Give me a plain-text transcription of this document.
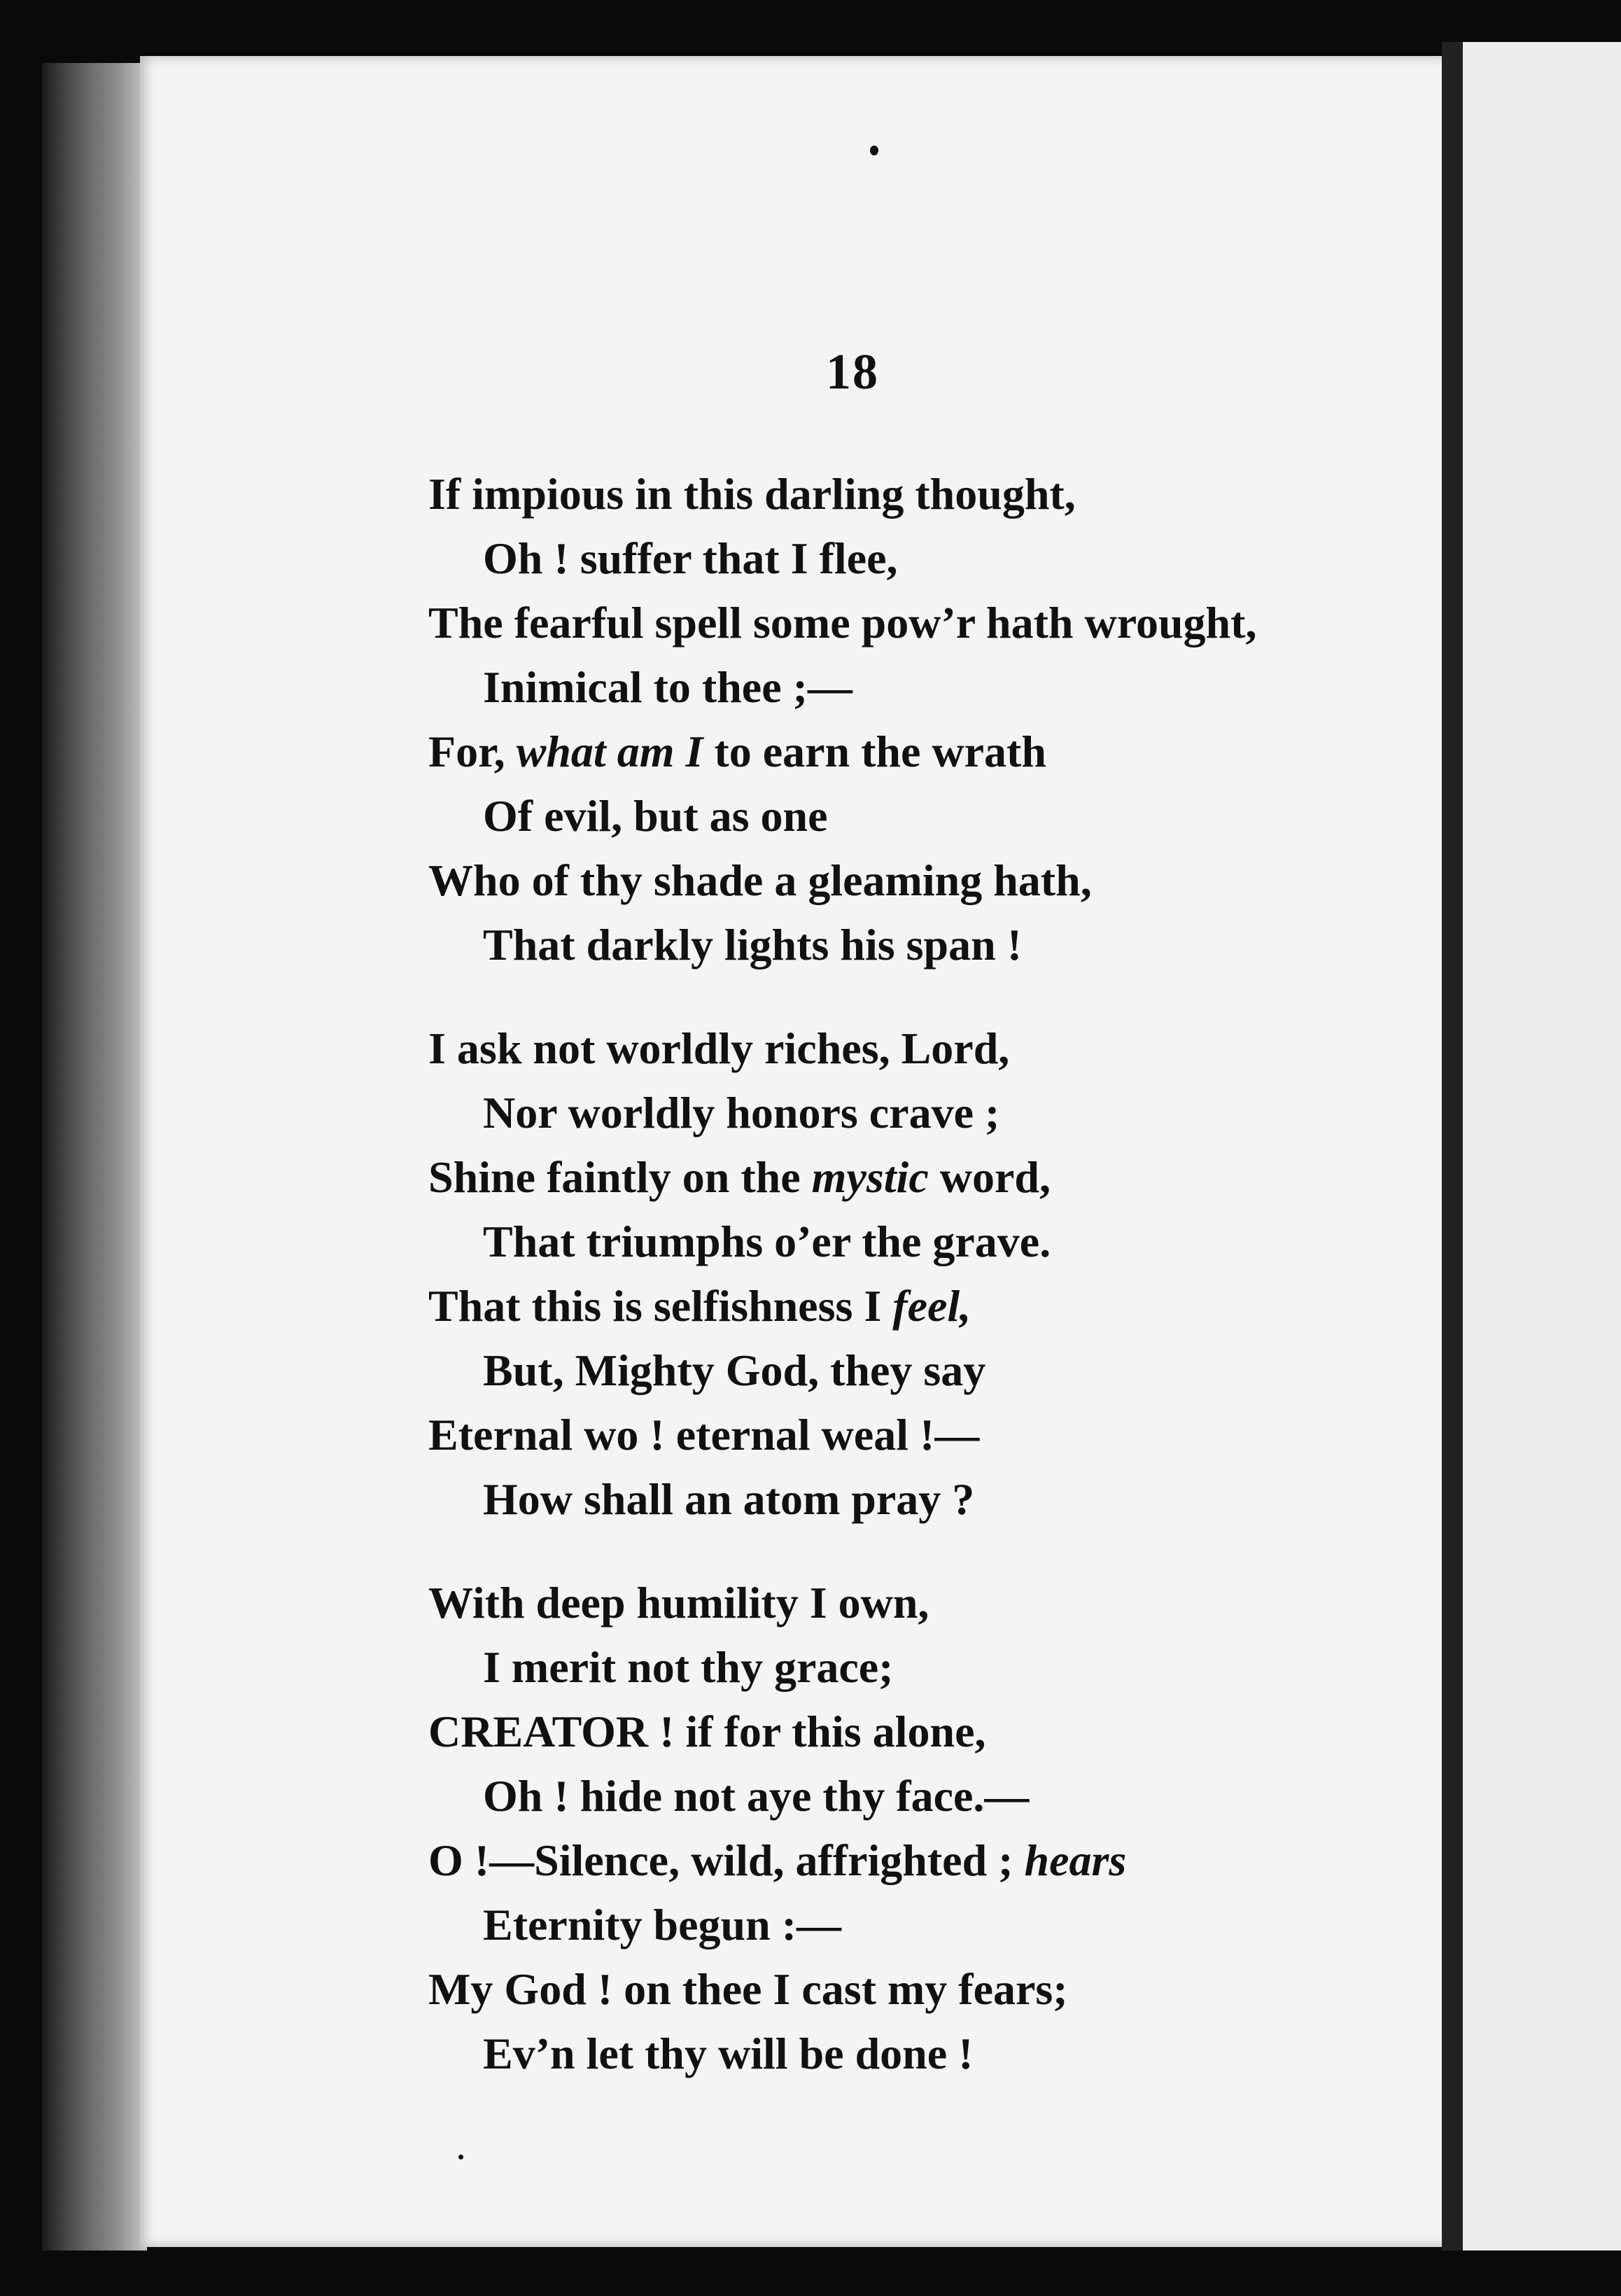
18
If impious in this darling thought,
Oh ! suffer that I flee,
The fearful spell some pow’r hath wrought,
Inimical to thee ;—
For, what am I to earn the wrath
Of evil, but as one
Who of thy shade a gleaming hath,
That darkly lights his span !
I ask not worldly riches, Lord,
Nor worldly honors crave ;
Shine faintly on the mystic word,
That triumphs o’er the grave.
That this is selfishness I feel,
But, Mighty God, they say
Eternal wo ! eternal weal !—
How shall an atom pray ?
With deep humility I own,
I merit not thy grace;
CREATOR ! if for this alone,
Oh ! hide not aye thy face.—
O !—Silence, wild, affrighted ; hears
Eternity begun :—
My God ! on thee I cast my fears;
Ev’n let thy will be done !
